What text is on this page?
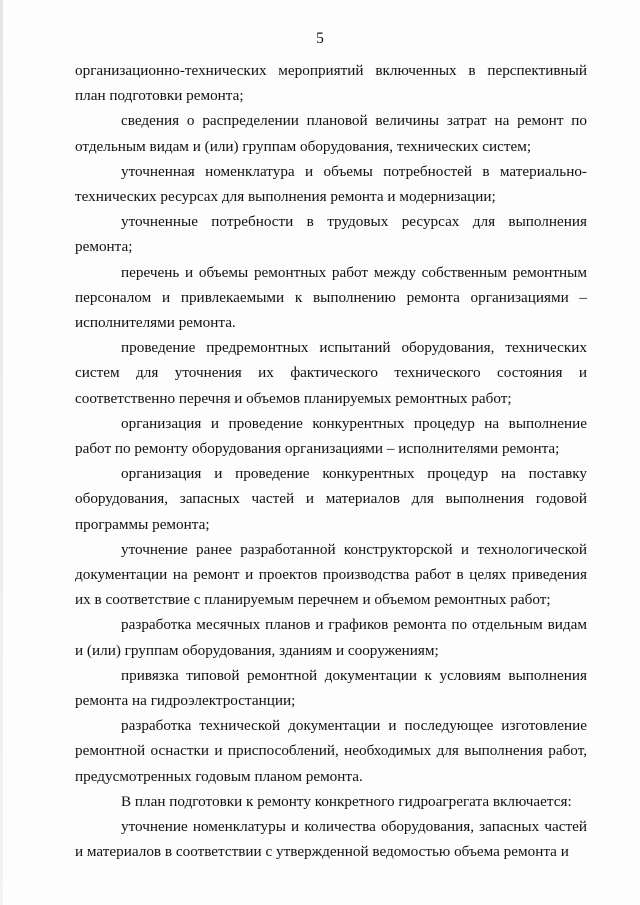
5

организационно-технических мероприятий включенных в перспективный план подготовки ремонта;

сведения о распределении плановой величины затрат на ремонт по отдельным видам и (или) группам оборудования, технических систем;

уточненная номенклатура и объемы потребностей в материально-технических ресурсах для выполнения ремонта и модернизации;

уточненные потребности в трудовых ресурсах для выполнения ремонта;

перечень и объемы ремонтных работ между собственным ремонтным персоналом и привлекаемыми к выполнению ремонта организациями – исполнителями ремонта.

проведение предремонтных испытаний оборудования, технических систем для уточнения их фактического технического состояния и соответственно перечня и объемов планируемых ремонтных работ;

организация и проведение конкурентных процедур на выполнение работ по ремонту оборудования организациями – исполнителями ремонта;

организация и проведение конкурентных процедур на поставку оборудования, запасных частей и материалов для выполнения годовой программы ремонта;

уточнение ранее разработанной конструкторской и технологической документации на ремонт и проектов производства работ в целях приведения их в соответствие с планируемым перечнем и объемом ремонтных работ;

разработка месячных планов и графиков ремонта по отдельным видам и (или) группам оборудования, зданиям и сооружениям;

привязка типовой ремонтной документации к условиям выполнения ремонта на гидроэлектростанции;

разработка технической документации и последующее изготовление ремонтной оснастки и приспособлений, необходимых для выполнения работ, предусмотренных годовым планом ремонта.

В план подготовки к ремонту конкретного гидроагрегата включается:

уточнение номенклатуры и количества оборудования, запасных частей и материалов в соответствии с утвержденной ведомостью объема ремонта и
